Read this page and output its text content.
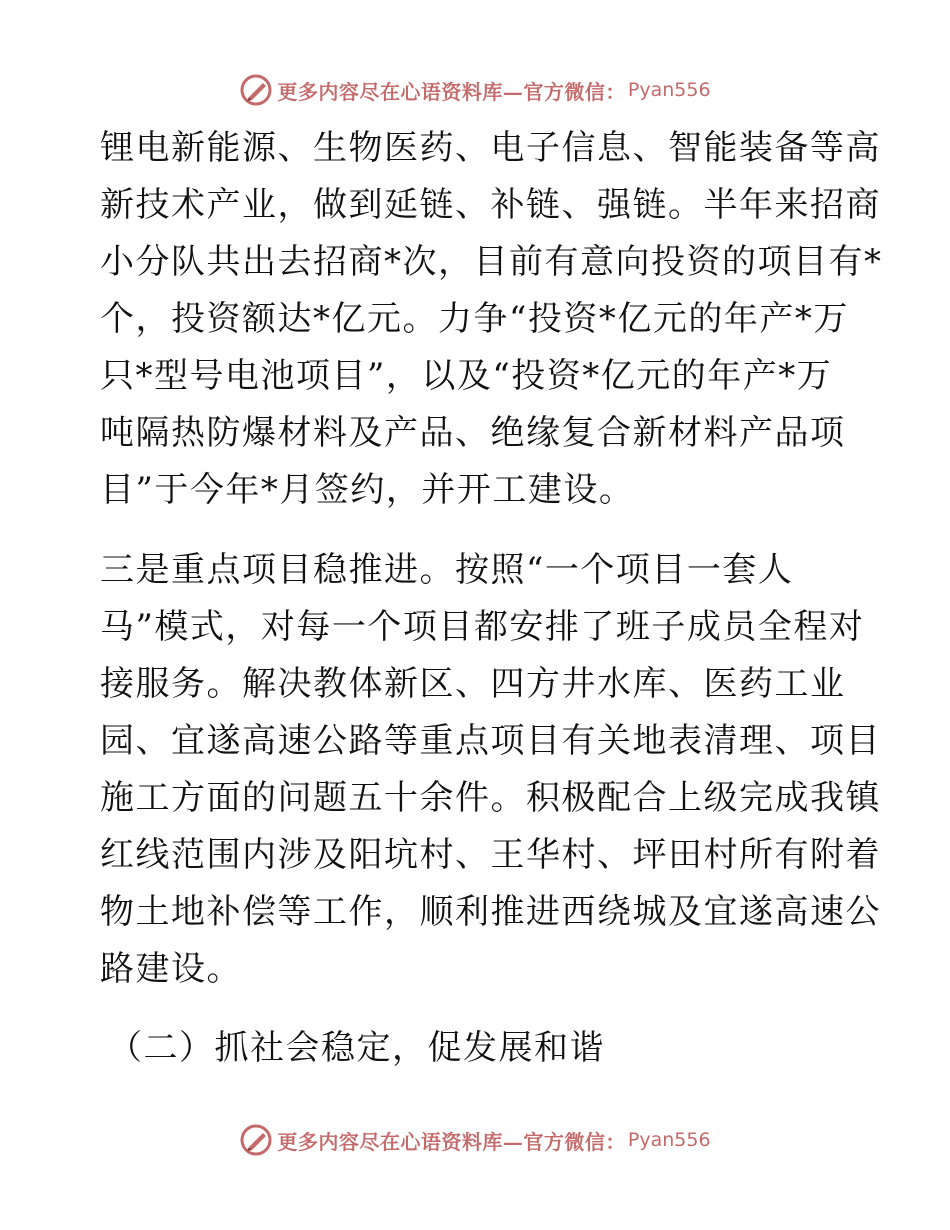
更多内容尽在心语资料库—官方微信： Pyan556
锂电新能源、生物医药、电子信息、智能装备等高
新技术产业，做到延链、补链、强链。半年来招商
小分队共出去招商*次，目前有意向投资的项目有*
个，投资额达*亿元。力争“投资*亿元的年产*万
只*型号电池项目”，以及“投资*亿元的年产*万
吨隔热防爆材料及产品、绝缘复合新材料产品项
目”于今年*月签约，并开工建设。
三是重点项目稳推进。按照“一个项目一套人
马”模式，对每一个项目都安排了班子成员全程对
接服务。解决教体新区、四方井水库、医药工业
园、宜遂高速公路等重点项目有关地表清理、项目
施工方面的问题五十余件。积极配合上级完成我镇
红线范围内涉及阳坑村、王华村、坪田村所有附着
物土地补偿等工作，顺利推进西绕城及宜遂高速公
路建设。
（二）抓社会稳定，促发展和谐
更多内容尽在心语资料库—官方微信： Pyan556
